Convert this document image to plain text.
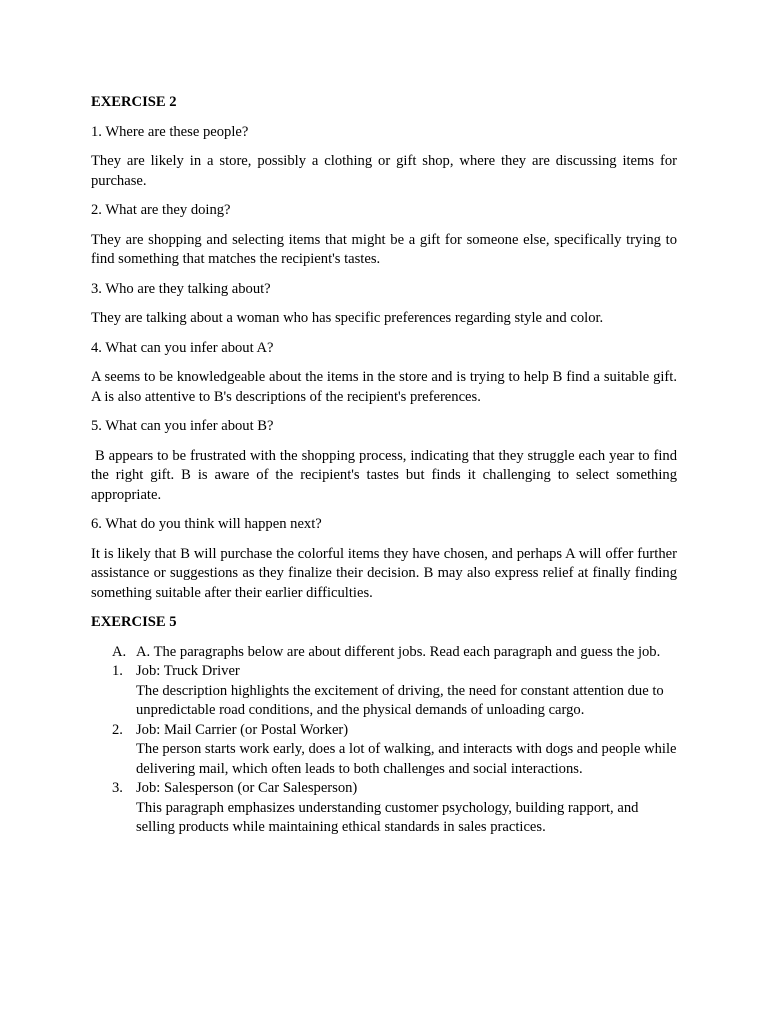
EXERCISE 2
1. Where are these people?
They are likely in a store, possibly a clothing or gift shop, where they are discussing items for purchase.
2. What are they doing?
They are shopping and selecting items that might be a gift for someone else, specifically trying to find something that matches the recipient's tastes.
3. Who are they talking about?
They are talking about a woman who has specific preferences regarding style and color.
4. What can you infer about A?
A seems to be knowledgeable about the items in the store and is trying to help B find a suitable gift. A is also attentive to B's descriptions of the recipient's preferences.
5. What can you infer about B?
B appears to be frustrated with the shopping process, indicating that they struggle each year to find the right gift. B is aware of the recipient's tastes but finds it challenging to select something appropriate.
6. What do you think will happen next?
It is likely that B will purchase the colorful items they have chosen, and perhaps A will offer further assistance or suggestions as they finalize their decision. B may also express relief at finally finding something suitable after their earlier difficulties.
EXERCISE 5
A. A. The paragraphs below are about different jobs. Read each paragraph and guess the job.
1. Job: Truck Driver
The description highlights the excitement of driving, the need for constant attention due to unpredictable road conditions, and the physical demands of unloading cargo.
2. Job: Mail Carrier (or Postal Worker)
The person starts work early, does a lot of walking, and interacts with dogs and people while delivering mail, which often leads to both challenges and social interactions.
3. Job: Salesperson (or Car Salesperson)
This paragraph emphasizes understanding customer psychology, building rapport, and selling products while maintaining ethical standards in sales practices.
